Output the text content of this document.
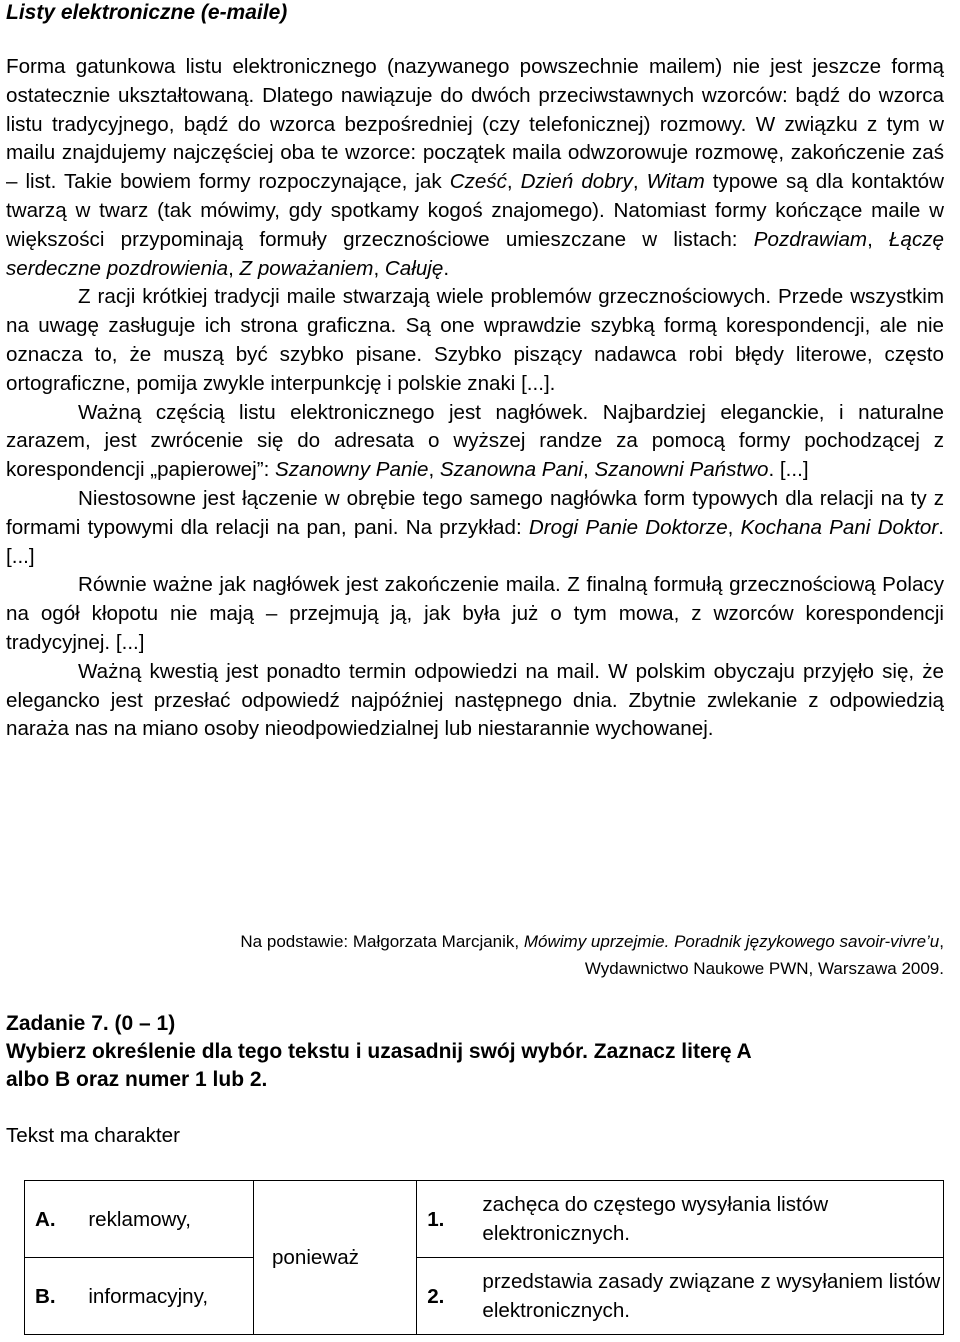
Listy elektroniczne (e-maile)

Forma gatunkowa listu elektronicznego (nazywanego powszechnie mailem) nie jest jeszcze formą ostatecznie ukształtowaną. Dlatego nawiązuje do dwóch przeciwstawnych wzorców: bądź do wzorca listu tradycyjnego, bądź do wzorca bezpośredniej (czy telefonicznej) rozmowy. W związku z tym w mailu znajdujemy najczęściej oba te wzorce: początek maila odwzorowuje rozmowę, zakończenie zaś – list. Takie bowiem formy rozpoczynające, jak Cześć, Dzień dobry, Witam typowe są dla kontaktów twarzą w twarz (tak mówimy, gdy spotkamy kogoś znajomego). Natomiast formy kończące maile w większości przypominają formuły grzecznościowe umieszczane w listach: Pozdrawiam, Łączę serdeczne pozdrowienia, Z poważaniem, Całuję.

Z racji krótkiej tradycji maile stwarzają wiele problemów grzecznościowych. Przede wszystkim na uwagę zasługuje ich strona graficzna. Są one wprawdzie szybką formą korespondencji, ale nie oznacza to, że muszą być szybko pisane. Szybko piszący nadawca robi błędy literowe, często ortograficzne, pomija zwykle interpunkcję i polskie znaki [...].

Ważną częścią listu elektronicznego jest nagłówek. Najbardziej eleganckie, i naturalne zarazem, jest zwrócenie się do adresata o wyższej randze za pomocą formy pochodzącej z korespondencji „papierowej”: Szanowny Panie, Szanowna Pani, Szanowni Państwo. [...]

Niestosowne jest łączenie w obrębie tego samego nagłówka form typowych dla relacji na ty z formami typowymi dla relacji na pan, pani. Na przykład: Drogi Panie Doktorze, Kochana Pani Doktor. [...]

Równie ważne jak nagłówek jest zakończenie maila. Z finalną formułą grzecznościową Polacy na ogół kłopotu nie mają – przejmują ją, jak była już o tym mowa, z wzorców korespondencji tradycyjnej. [...]

Ważną kwestią jest ponadto termin odpowiedzi na mail. W polskim obyczaju przyjęło się, że elegancko jest przesłać odpowiedź najpóźniej następnego dnia. Zbytnie zwlekanie z odpowiedzią naraża nas na miano osoby nieodpowiedzialnej lub niestarannie wychowanej.

Na podstawie: Małgorzata Marcjanik, Mówimy uprzejmie. Poradnik językowego savoir-vivre’u,
Wydawnictwo Naukowe PWN, Warszawa 2009.
Zadanie 7. (0 – 1)
Wybierz określenie dla tego tekstu i uzasadnij swój wybór. Zaznacz literę A
albo B oraz numer 1 lub 2.
Tekst ma charakter
A.	reklamowy,	ponieważ	1.	zachęca do częstego wysyłania listów elektronicznych.
B.	informacyjny,		2.	przedstawia zasady związane z wysyłaniem listów elektronicznych.
